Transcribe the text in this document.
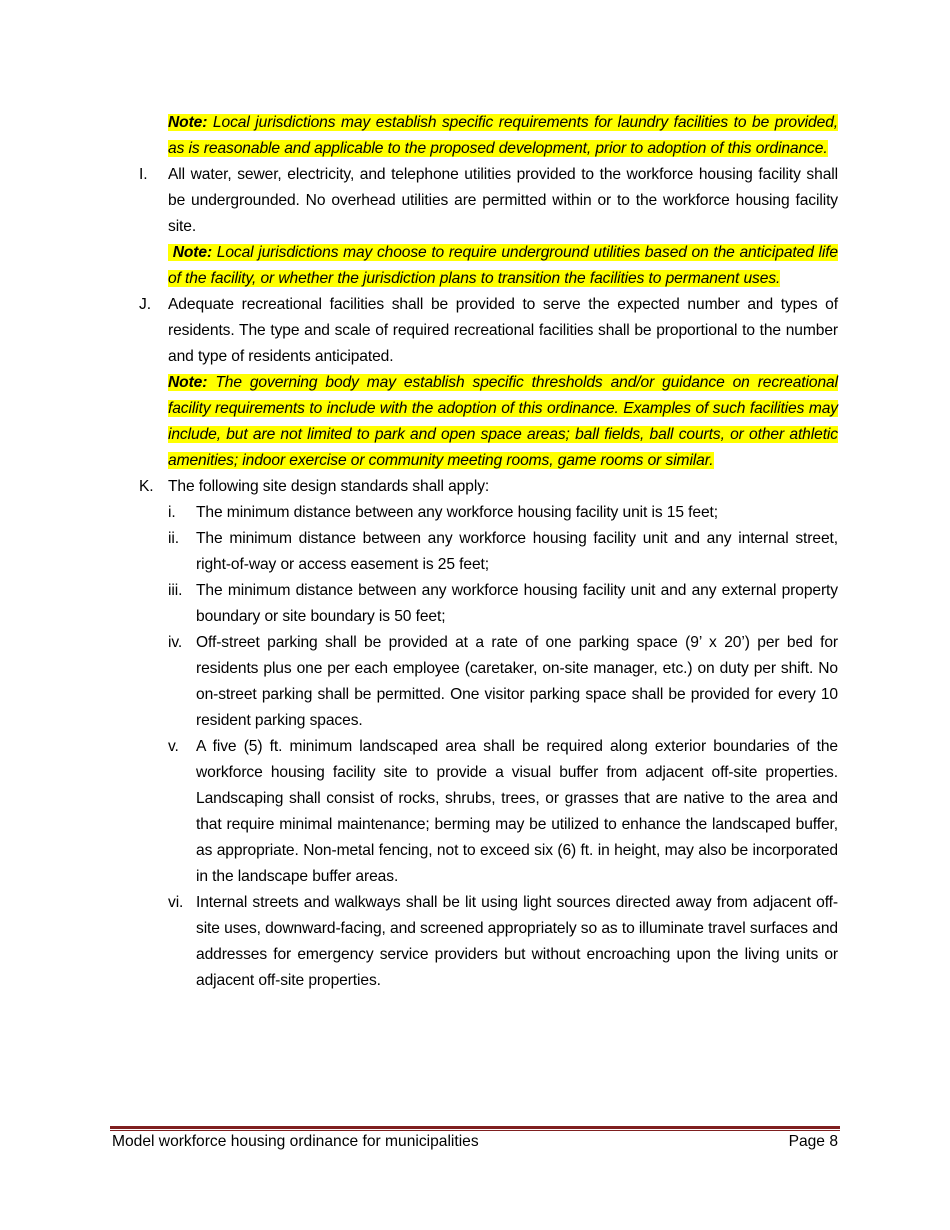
Note: Local jurisdictions may establish specific requirements for laundry facilities to be provided, as is reasonable and applicable to the proposed development, prior to adoption of this ordinance.
I. All water, sewer, electricity, and telephone utilities provided to the workforce housing facility shall be undergrounded. No overhead utilities are permitted within or to the workforce housing facility site.
Note: Local jurisdictions may choose to require underground utilities based on the anticipated life of the facility, or whether the jurisdiction plans to transition the facilities to permanent uses.
J. Adequate recreational facilities shall be provided to serve the expected number and types of residents. The type and scale of required recreational facilities shall be proportional to the number and type of residents anticipated.
Note: The governing body may establish specific thresholds and/or guidance on recreational facility requirements to include with the adoption of this ordinance. Examples of such facilities may include, but are not limited to park and open space areas; ball fields, ball courts, or other athletic amenities; indoor exercise or community meeting rooms, game rooms or similar.
K. The following site design standards shall apply:
i. The minimum distance between any workforce housing facility unit is 15 feet;
ii. The minimum distance between any workforce housing facility unit and any internal street, right-of-way or access easement is 25 feet;
iii. The minimum distance between any workforce housing facility unit and any external property boundary or site boundary is 50 feet;
iv. Off-street parking shall be provided at a rate of one parking space (9’ x 20’) per bed for residents plus one per each employee (caretaker, on-site manager, etc.) on duty per shift. No on-street parking shall be permitted. One visitor parking space shall be provided for every 10 resident parking spaces.
v. A five (5) ft. minimum landscaped area shall be required along exterior boundaries of the workforce housing facility site to provide a visual buffer from adjacent off-site properties. Landscaping shall consist of rocks, shrubs, trees, or grasses that are native to the area and that require minimal maintenance; berming may be utilized to enhance the landscaped buffer, as appropriate. Non-metal fencing, not to exceed six (6) ft. in height, may also be incorporated in the landscape buffer areas.
vi. Internal streets and walkways shall be lit using light sources directed away from adjacent off-site uses, downward-facing, and screened appropriately so as to illuminate travel surfaces and addresses for emergency service providers but without encroaching upon the living units or adjacent off-site properties.
Model workforce housing ordinance for municipalities	Page 8
